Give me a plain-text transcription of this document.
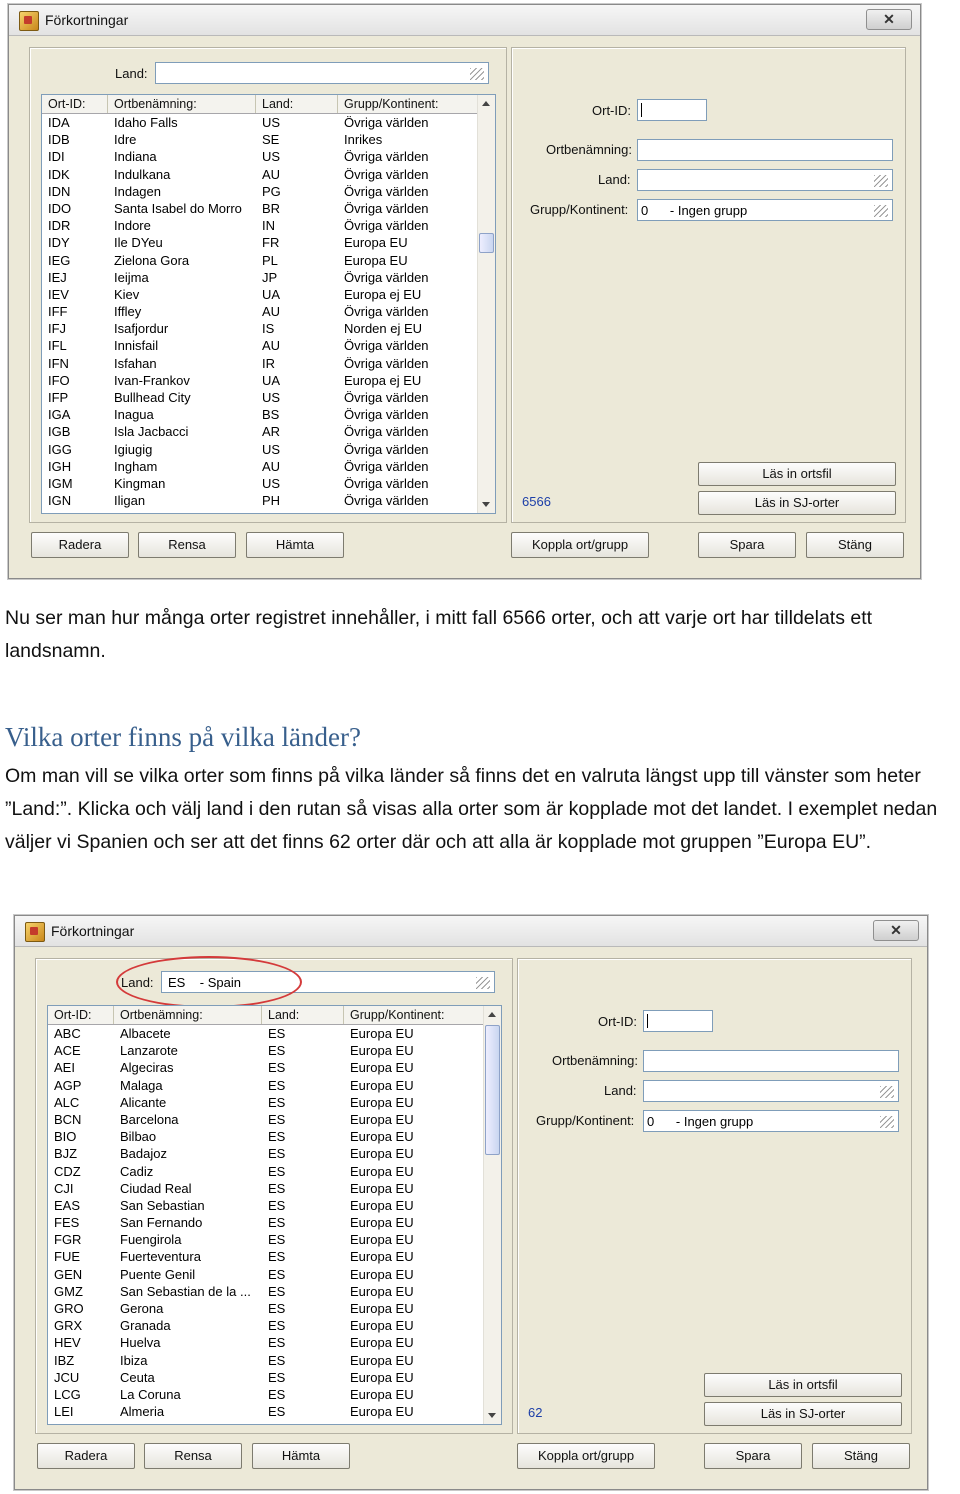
Förkortningar	✕
Land:
Ort-ID:	Ortbenämning:	Land:	Grupp/Kontinent:
IDA	Idaho Falls	US	Övriga världen
IDB	Idre	SE	Inrikes
IDI	Indiana	US	Övriga världen
IDK	Indulkana	AU	Övriga världen
IDN	Indagen	PG	Övriga världen
IDO	Santa Isabel do Morro	BR	Övriga världen
IDR	Indore	IN	Övriga världen
IDY	Ile DYeu	FR	Europa EU
IEG	Zielona Gora	PL	Europa EU
IEJ	Ieijma	JP	Övriga världen
IEV	Kiev	UA	Europa ej EU
IFF	Iffley	AU	Övriga världen
IFJ	Isafjordur	IS	Norden ej EU
IFL	Innisfail	AU	Övriga världen
IFN	Isfahan	IR	Övriga världen
IFO	Ivan-Frankov	UA	Europa ej EU
IFP	Bullhead City	US	Övriga världen
IGA	Inagua	BS	Övriga världen
IGB	Isla Jacbacci	AR	Övriga världen
IGG	Igiugig	US	Övriga världen
IGH	Ingham	AU	Övriga världen
IGM	Kingman	US	Övriga världen
IGN	Iligan	PH	Övriga världen
Ort-ID:
Ortbenämning:
Land:
Grupp/Kontinent: 0      - Ingen grupp
6566
Läs in ortsfil
Läs in SJ-orter
Radera	Rensa	Hämta	Koppla ort/grupp	Spara	Stäng
Nu ser man hur många orter registret innehåller, i mitt fall 6566 orter, och att varje ort har tilldelats ett landsnamn.
Vilka orter finns på vilka länder?
Om man vill se vilka orter som finns på vilka länder så finns det en valruta längst upp till vänster som heter ”Land:”. Klicka och välj land i den rutan så visas alla orter som är kopplade mot det landet. I exemplet nedan väljer vi Spanien och ser att det finns 62 orter där och att alla är kopplade mot gruppen ”Europa EU”.
Förkortningar	✕
Land: ES    - Spain
Ort-ID:	Ortbenämning:	Land:	Grupp/Kontinent:
ABC	Albacete	ES	Europa EU
ACE	Lanzarote	ES	Europa EU
AEI	Algeciras	ES	Europa EU
AGP	Malaga	ES	Europa EU
ALC	Alicante	ES	Europa EU
BCN	Barcelona	ES	Europa EU
BIO	Bilbao	ES	Europa EU
BJZ	Badajoz	ES	Europa EU
CDZ	Cadiz	ES	Europa EU
CJI	Ciudad Real	ES	Europa EU
EAS	San Sebastian	ES	Europa EU
FES	San Fernando	ES	Europa EU
FGR	Fuengirola	ES	Europa EU
FUE	Fuerteventura	ES	Europa EU
GEN	Puente Genil	ES	Europa EU
GMZ	San Sebastian de la ...	ES	Europa EU
GRO	Gerona	ES	Europa EU
GRX	Granada	ES	Europa EU
HEV	Huelva	ES	Europa EU
IBZ	Ibiza	ES	Europa EU
JCU	Ceuta	ES	Europa EU
LCG	La Coruna	ES	Europa EU
LEI	Almeria	ES	Europa EU
Ort-ID:
Ortbenämning:
Land:
Grupp/Kontinent: 0      - Ingen grupp
62
Läs in ortsfil
Läs in SJ-orter
Radera	Rensa	Hämta	Koppla ort/grupp	Spara	Stäng
